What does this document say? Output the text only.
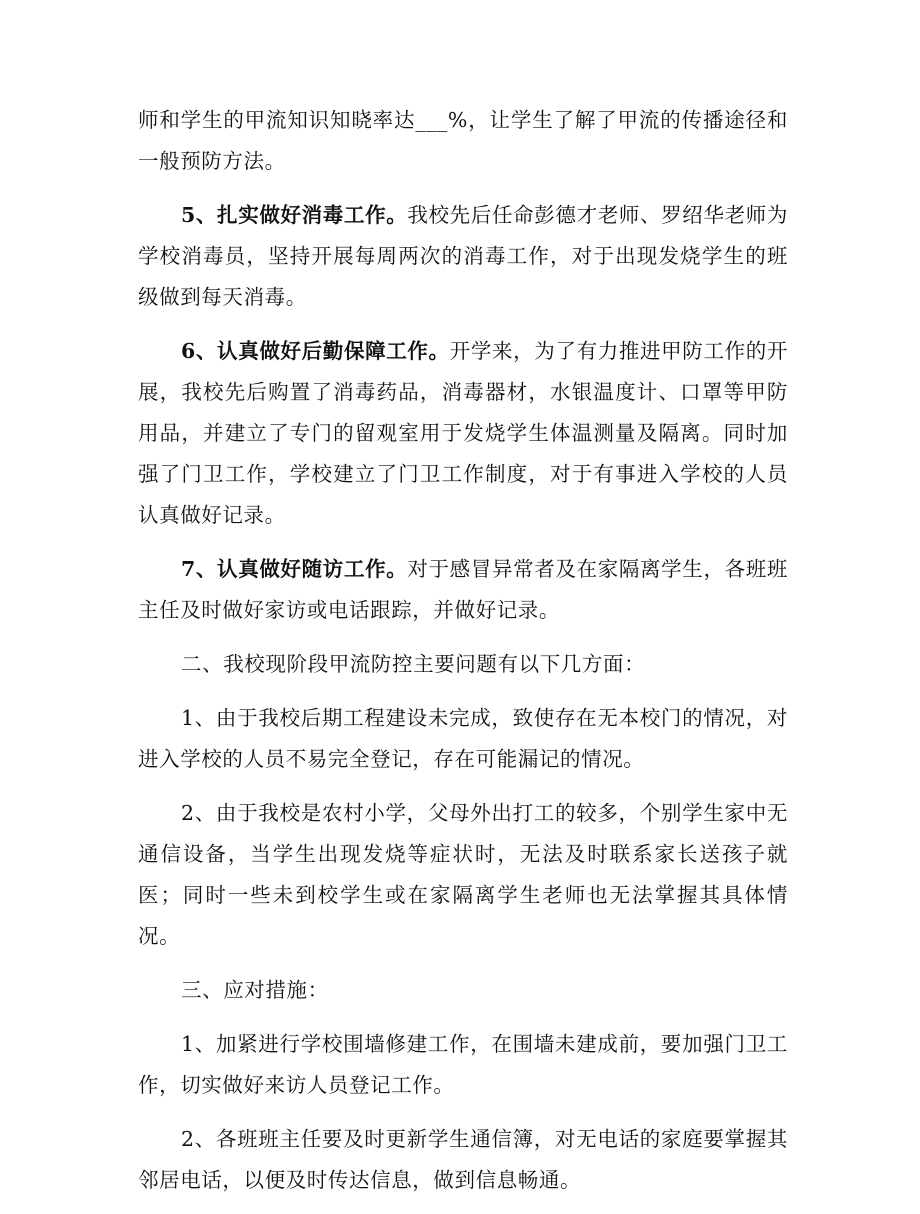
师和学生的甲流知识知晓率达___%，让学生了解了甲流的传播途径和一般预防方法。

5、扎实做好消毒工作。我校先后任命彭德才老师、罗绍华老师为学校消毒员，坚持开展每周两次的消毒工作，对于出现发烧学生的班级做到每天消毒。

6、认真做好后勤保障工作。开学来，为了有力推进甲防工作的开展，我校先后购置了消毒药品，消毒器材，水银温度计、口罩等甲防用品，并建立了专门的留观室用于发烧学生体温测量及隔离。同时加强了门卫工作，学校建立了门卫工作制度，对于有事进入学校的人员认真做好记录。

7、认真做好随访工作。对于感冒异常者及在家隔离学生，各班班主任及时做好家访或电话跟踪，并做好记录。

二、我校现阶段甲流防控主要问题有以下几方面：

1、由于我校后期工程建设未完成，致使存在无本校门的情况，对进入学校的人员不易完全登记，存在可能漏记的情况。

2、由于我校是农村小学，父母外出打工的较多，个别学生家中无通信设备，当学生出现发烧等症状时，无法及时联系家长送孩子就医；同时一些未到校学生或在家隔离学生老师也无法掌握其具体情况。

三、应对措施：

1、加紧进行学校围墙修建工作，在围墙未建成前，要加强门卫工作，切实做好来访人员登记工作。

2、各班班主任要及时更新学生通信簿，对无电话的家庭要掌握其邻居电话，以便及时传达信息，做到信息畅通。
